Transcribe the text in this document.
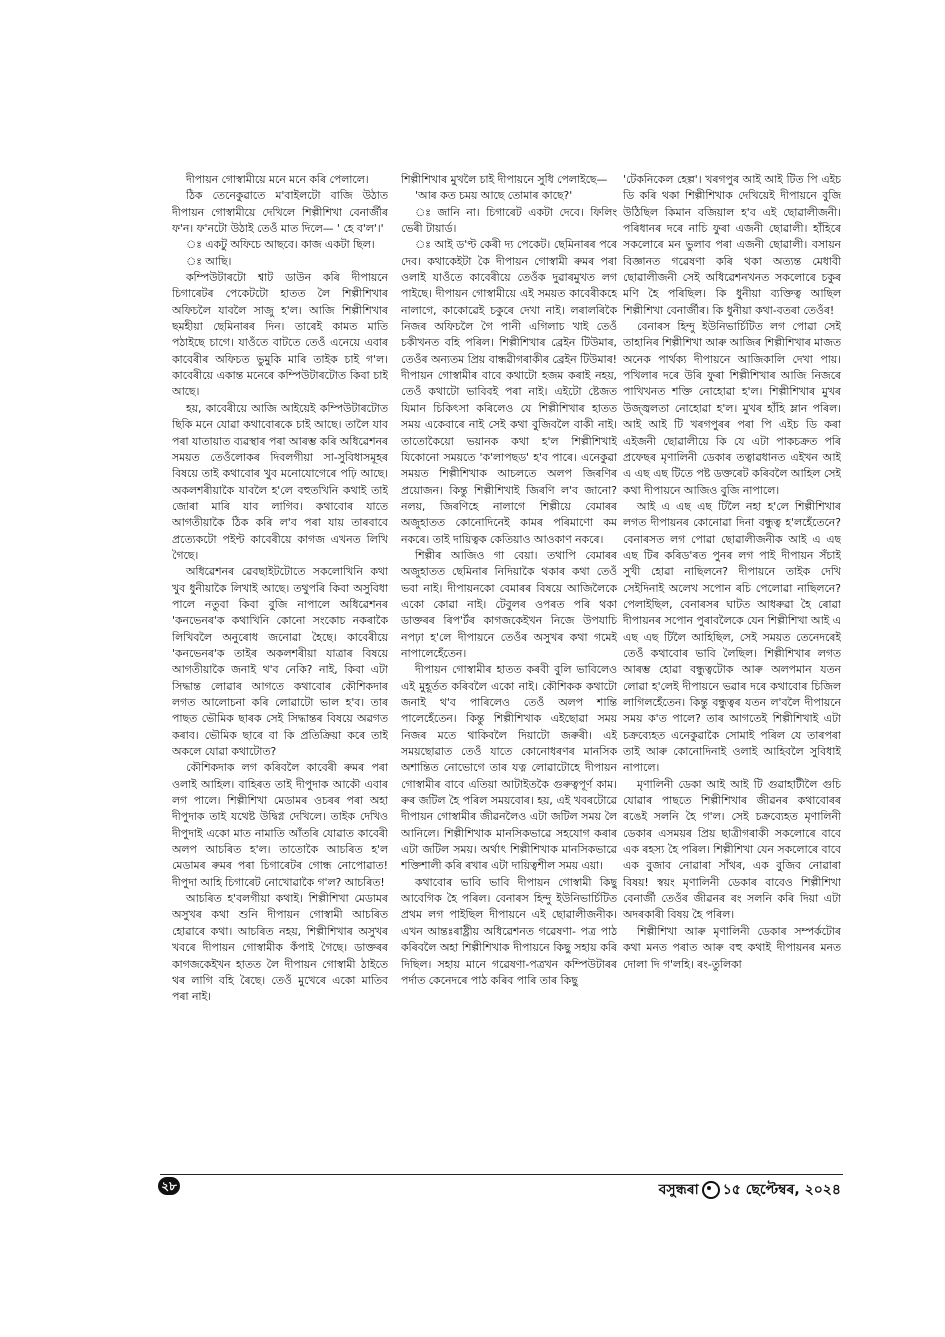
দীপায়ন গোস্বামীয়ে মনে মনে কৰি পেলালে।

ঠিক তেনেকুৱাতে ম'বাইলটো বাজি উঠাত দীপায়ন গোস্বামীয়ে দেখিলে শিল্পীশিখা বেনাৰ্জীৰ ফ'ন। ফ'নটো উঠাই তেওঁ মাত দিলে— ' হে ব'ল'।'

ঃ একটু অফিচে আছবে। কাজ একটা ছিল।

ঃ আছি।

কম্পিউটাৰটো শ্বাট ডাউন কৰি দীপায়নে চিগাৰেটৰ পেকেটটো হাতত লৈ শিল্পীশিখাৰ অফিচলৈ যাবলৈ সাজু হ'ল। আজি শিল্পীশিখাৰ ছমহীয়া ছেমিনাৰৰ দিন। তাৰেই কামত মাতি পঠাইছে চাগে। যাওঁতে বাটতে তেওঁ এনেয়ে এবাৰ কাবেৰীৰ অফিচত ভুমুকি মাৰি তাইক চাই গ'ল। কাবেৰীয়ে একান্ত মনেৰে কম্পিউটাৰটোত কিবা চাই আছে।

হয়, কাবেৰীয়ে আজি আইয়েই কম্পিউটাৰটোত ছিকি মনে যোৱা কথাবোৰকে চাই আছে। তালৈ যাব পৰা যাতায়াত ব্যৱস্থাৰ পৰা আৰম্ভ কৰি অধিৱেশনৰ সময়ত তেওঁলোকৰ দিবলগীয়া সা-সুবিধাসমূহৰ বিষয়ে তাই কথাবোৰ খুব মনোযোগেৰে পঢ়ি আছে। অকলশৰীয়াকৈ যাবলৈ হ'লে বহুতখিনি কথাই তাই জোৰা মাৰি যাব লাগিব। কথাবোৰ যাতে আগতীয়াকৈ ঠিক কৰি ল'ব পৰা যায় তাৰবাবে প্ৰত্যেকটো পইণ্ট কাবেৰীয়ে কাগজ এখনত লিখি গৈছে।

অধিৱেশনৰ ৱেবছাইটটোতে সকলোখিনি কথা খুব ধুনীয়াকৈ লিখাই আছে। তথুপৰি কিবা অসুবিধা পালে নতুবা কিবা বুজি নাপালে অধিৱেশনৰ 'কনভেনৰ'ক কথাখিনি কোনো সংকোচ নকৰাকৈ লিখিবলৈ অনুৰোধ জনোৱা হৈছে। কাবেৰীয়ে 'কনভেনৰ'ক তাইৰ অকলশৰীয়া যাত্ৰাৰ বিষয়ে আগতীয়াকৈ জনাই থ'ব নেকি? নাই, কিবা এটা সিদ্ধান্ত লোৱাৰ আগতে কথাবোৰ কৌশিকদাৰ লগত আলোচনা কৰি লোৱাটো ভাল হ'ব। তাৰ পাছত ভৌমিক ছাৰক সেই সিদ্ধান্তৰ বিষয়ে অৱগত কৰাব। ভৌমিক ছাৰে বা কি প্ৰতিক্ৰিয়া কৰে তাই অকলে যোৱা কথাটোত?

কৌশিকদাক লগ কৰিবলৈ কাবেৰী ৰুমৰ পৰা ওলাই আহিল। বাহিৰত তাই দীপুদাক আকৌ এবাৰ লগ পালে। শিল্পীশিখা মেডামৰ ওচৰৰ পৰা অহা দীপুদাক তাই যথেষ্ট উদ্বিগ্ন দেখিলে। তাইক দেখিও দীপুদাই একো মাত নামাতি আঁতৰি যোৱাত কাবেৰী অলপ আচৰিত হ'ল। তাতোকৈ আচৰিত হ'ল মেডামৰ ৰুমৰ পৰা চিগাৰেটৰ গোন্ধ নোপোৱাত! দীপুদা আহি চিগাৰেট নোখোৱাকৈ গ'ল? আচৰিত!

আচৰিত হ'বলগীয়া কথাই। শিল্পীশিখা মেডামৰ অসুখৰ কথা শুনি দীপায়ন গোস্বামী আচৰিত হোৱাৰে কথা। আচৰিত নহয়, শিল্পীশিখাৰ অসুখৰ খবৰে দীপায়ন গোস্বামীক কঁপাই গৈছে। ডাক্তৰৰ কাগজকেইখন হাতত লৈ দীপায়ন গোস্বামী ঠাইতে থৰ লাগি বহি ৰৈছে। তেওঁ মুখেৰে একো মাতিব পৰা নাই।

শিল্পীশিখাৰ মুখলৈ চাই দীপায়নে সুধি পেলাইছে—

'আৰ কত চময় আছে তোমাৰ কাছে?'

ঃ জানি না। চিগাৰেট একটা দেবে। ফিলিং ভেৰী টায়াৰ্ড।

ঃ আই ড'ণ্ট কেৰী দ্য পেকেট। ছেমিনাৰৰ পৰে দেব। কথাকেইটা কৈ দীপায়ন গোস্বামী ৰুমৰ পৰা ওলাই যাওঁতে কাবেৰীয়ে তেওঁক দুৱাৰমুখত লগ পাইছে। দীপায়ন গোস্বামীয়ে এই সময়ত কাবেৰীকহে নালাগে, কাকোৱেই চকুৰে দেখা নাই। লৰালৰিকৈ নিজৰ অফিচলৈ গৈ পানী এগিলাচ খাই তেওঁ চকীখনত বহি পৰিল। শিল্পীশিখাৰ ব্ৰেইন টিউমাৰ, তেওঁৰ অন্যতম প্ৰিয় বান্ধৱীগৰাকীৰ ব্ৰেইন টিউমাৰ! দীপায়ন গোস্বামীৰ বাবে কথাটো হজম কৰাই নহয়, তেওঁ কথাটো ভাবিবই পৰা নাই। এইটো ষ্টেজত যিমান চিকিৎসা কৰিলেও যে শিল্পীশিখাৰ হাতত সময় একেবাৰে নাই সেই কথা বুজিবলৈ বাকী নাই। তাতোকৈয়ো ভয়ানক কথা হ'ল শিল্পীশিখাই যিকোনো সময়তে 'ক'লাপছড' হ'ব পাৰে। এনেকুৱা সময়ত শিল্পীশিখাক আচলতে অলপ জিৰণিৰ প্ৰয়োজন। কিন্তু শিল্পীশিখাই জিৰণি ল'ব জানো? নলয়, জিৰণিহে নালাগে শিল্পীয়ে বেমাৰৰ অজুহাতত কোনোদিনেই কামৰ পৰিমাণো কম নকৰে। তাই দায়িত্বক কেতিয়াও আওকাণ নকৰে।

শিল্পীৰ আজিও গা বেয়া। তথাপি বেমাৰৰ অজুহাতত ছেমিনাৰ নিদিয়াকৈ থকাৰ কথা তেওঁ ভবা নাই। দীপায়নকো বেমাৰৰ বিষয়ে আজিলৈকে একো কোৱা নাই। টেবুলৰ ওপৰত পৰি থকা ডাক্তৰৰ ৰিপ'ৰ্টৰ কাগজকেইখন নিজে উপযাচি নপঢ়া হ'লে দীপায়নে তেওঁৰ অসুখৰ কথা গমেই নাপালেহেঁতেন।

দীপায়ন গোস্বামীৰ হাতত কৰবী বুলি ভাবিলেও এই মুহূৰ্তত কৰিবলৈ একো নাই। কৌশিকক কথাটো জনাই থ'ব পাৰিলেও তেওঁ অলপ শান্তি পালেহেঁতেন। কিন্তু শিল্পীশিখাক এইছোৱা সময় নিজৰ মতে থাকিবলৈ দিয়াটো জৰুৰী। এই সময়ছোৱাত তেওঁ যাতে কোনোধৰণৰ মানসিক অশান্তিত নোভোগে তাৰ যত্ন লোৱাটোহে দীপায়ন গোস্বামীৰ বাবে এতিয়া আটাইতকৈ গুৰুত্বপূৰ্ণ কাম। ৰুৰ জটিল হৈ পৰিল সময়বোৰ। হয়, এই খবৰটোৱে দীপায়ন গোস্বামীৰ জীৱনলৈও এটা জটিল সময় লৈ আনিলে। শিল্পীশিখাক মানসিকভাৱে সহযোগ কৰাৰ এটা জটিল সময়। অৰ্থাৎ শিল্পীশিখাক মানসিকভাৱে শক্তিশালী কৰি ৰখাৰ এটা দায়িত্বশীল সময় এয়া।

কথাবোৰ ভাবি ভাবি দীপায়ন গোস্বামী কিছু আবেগিক হৈ পৰিল। বেনাৰস হিন্দু ইউনিভাৰ্চিটিত প্ৰথম লগ পাইছিল দীপায়নে এই ছোৱালীজনীক। এখন আন্তঃৰাষ্ট্ৰীয় অধিৱেশনত গৱেষণা- পত্ৰ পাঠ কৰিবলৈ অহা শিল্পীশিখাক দীপায়নে কিছু সহায় কৰি দিছিল। সহায় মানে গৱেষণা-পত্ৰখন কম্পিউটাৰৰ পৰ্দাত কেনেদৰে পাঠ কৰিব পাৰি তাৰ কিছু

'টেকনিকেল হেল্প'। খৰগপুৰ আই আই টিত পি এইচ ডি কৰি থকা শিল্পীশিখাক দেখিয়েই দীপায়নে বুজি উঠিছিল কিমান বজিয়াল হ'ব এই ছোৱালীজনী। পৰিধানৰ দৰে নাচি ফুৰা এজনী ছোৱালী। হাঁহিৰে সকলোৰে মন ভুলাব পৰা এজনী ছোৱালী। বসায়ন বিজ্ঞানত গৱেষণা কৰি থকা অত্যন্ত মেধাবী ছোৱালীজনী সেই অধিৱেশনখনত সকলোৰে চকুৰ মণি হৈ পৰিছিল। কি ধুনীয়া ব্যক্তিত্ব আছিল শিল্পীশিখা বেনাৰ্জীৰ। কি ধুনীয়া কথা-বতৰা তেওঁৰ!

বেনাৰস হিন্দু ইউনিভাৰ্চিটিত লগ পোৱা সেই তাহানিৰ শিল্পীশিখা আৰু আজিৰ শিল্পীশিখাৰ মাজত অনেক পাৰ্থক্য দীপায়নে আজিকালি দেখা পায়। পখিলাৰ দৰে উৰি ফুৰা শিল্পীশিখাৰ আজি নিজৰে পাখিখনত শক্তি নোহোৱা হ'ল। শিল্পীশিখাৰ মুখৰ উজ্জ্বলতা নোহোৱা হ'ল। মুখৰ হাঁহি ম্লান পৰিল। আই আই টি খৰগপুৰৰ পৰা পি এইচ ডি কৰা এইজনী ছোৱালীয়ে কি যে এটা পাকচক্ৰত পৰি প্ৰফেছৰ মৃণালিনী ডেকাৰ তত্বাৱধানত এইখন আই এ এছ এছ টিতে পষ্ট ডক্তৰেট কৰিবলৈ আহিল সেই কথা দীপায়নে আজিও বুজি নাপালে।

আই এ এছ এছ টিলৈ নহা হ'লে শিল্পীশিখাৰ লগত দীপায়নৰ কোনোৱা দিনা বন্ধুত্ব হ'লহেঁতেনে? বেনাৰসত লগ পোৱা ছোৱালীজনীক আই এ এছ এছ টিৰ কৰিড'ৰত পুনৰ লগ পাই দীপায়ন সঁচাই সুখী হোৱা নাছিলনে? দীপায়নে তাইক দেখি সেইদিনাই অলেখ সপোন ৰচি পেলোৱা নাছিলনে? পেলাইছিল, বেনাৰসৰ ঘাটত আধৰুৱা হৈ ৰোৱা দীপায়নৰ সপোন পুৰাবলৈকে যেন শিল্পীশিখা আই এ এছ এছ টিলৈ আহিছিল, সেই সময়ত তেনেদৰেই তেওঁ কথাবোৰ ভাবি লৈছিল। শিল্পীশিখাৰ লগত আৰম্ভ হোৱা বন্ধুত্বটোক আৰু অলপমান যতন লোৱা হ'লেই দীপায়নে ভৱাৰ দৰে কথাবোৰ চিজিল লাগিলহেঁতেন। কিন্তু বন্ধুত্বৰ যতন ল'বলৈ দীপায়নে সময় ক'ত পালে? তাৰ আগতেই শিল্পীশিখাই এটা চক্ৰব্যেহত এনেকুৱাকৈ সোমাই পৰিল যে তাৰপৰা তাই আৰু কোনোদিনাই ওলাই আহিবলৈ সুবিধাই নাপালে।

মৃণালিনী ডেকা আই আই টি গুৱাহাটীলৈ গুচি যোৱাৰ পাছতে শিল্পীশিখাৰ জীৱনৰ কথাবোৰৰ ৰঙেই সলনি হৈ গ'ল। সেই চক্ৰব্যেহত মৃণালিনী ডেকাৰ এসময়ৰ প্ৰিয় ছাত্ৰীগৰাকী সকলোৰে বাবে এক ৰহস্য হৈ পৰিল। শিল্পীশিখা যেন সকলোৰে বাবে এক বুজাব নোৱাৰা সাঁথৰ, এক বুজিব নোৱাৰা বিষয়! স্বয়ং মৃণালিনী ডেকাৰ বাবেও শিল্পীশিখা বেনাৰ্জী তেওঁৰ জীৱনৰ ৰং সলনি কৰি দিয়া এটা অদৰকাৰী বিষয় হৈ পৰিল।

শিল্পীশিখা আৰু মৃণালিনী ডেকাৰ সম্পৰ্কটোৰ কথা মনত পৰাত আৰু বহু কথাই দীপায়নৰ মনত দোলা দি গ'লহি। ৰং-তুলিকা

২৮	বসুন্ধৰা ১৫ ছেপ্টেম্বৰ, ২০২৪
